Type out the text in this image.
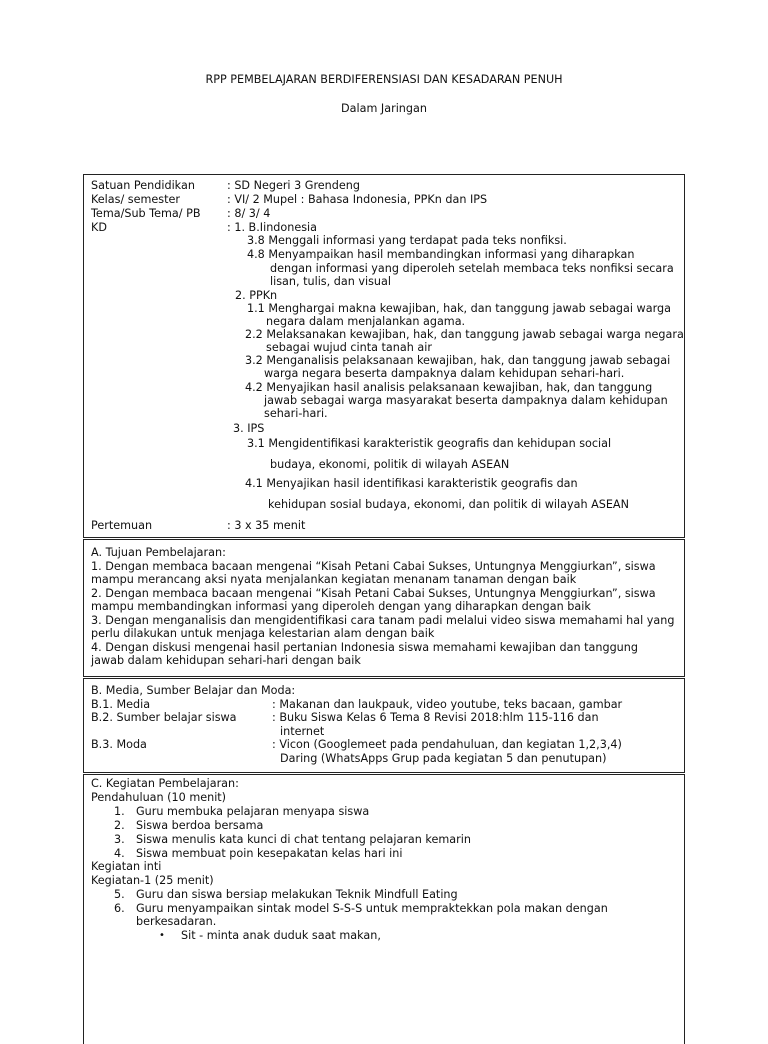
RPP PEMBELAJARAN BERDIFERENSIASI DAN KESADARAN PENUH
Dalam Jaringan
Satuan Pendidikan	: SD Negeri 3 Grendeng
Kelas/ semester	: VI/ 2 Mupel : Bahasa Indonesia, PPKn dan IPS
Tema/Sub Tema/ PB : 8/ 3/ 4
KD	: 1. B.Iindonesia
3.8 Menggali informasi yang terdapat pada teks nonfiksi.
4.8 Menyampaikan hasil membandingkan informasi yang diharapkan
dengan informasi yang diperoleh setelah membaca teks nonfiksi secara
lisan, tulis, dan visual
2. PPKn
1.1 Menghargai makna kewajiban, hak, dan tanggung jawab sebagai warga
negara dalam menjalankan agama.
2.2 Melaksanakan kewajiban, hak, dan tanggung jawab sebagai warga negara
sebagai wujud cinta tanah air
3.2 Menganalisis pelaksanaan kewajiban, hak, dan tanggung jawab sebagai
warga negara beserta dampaknya dalam kehidupan sehari-hari.
4.2 Menyajikan hasil analisis pelaksanaan kewajiban, hak, dan tanggung
jawab sebagai warga masyarakat beserta dampaknya dalam kehidupan
sehari-hari.
3. IPS
3.1 Mengidentifikasi karakteristik geografis dan kehidupan social
budaya, ekonomi, politik di wilayah ASEAN
4.1 Menyajikan hasil identifikasi karakteristik geografis dan
kehidupan sosial budaya, ekonomi, dan politik di wilayah ASEAN
Pertemuan	: 3 x 35 menit
A. Tujuan Pembelajaran:
1. Dengan membaca bacaan mengenai “Kisah Petani Cabai Sukses, Untungnya Menggiurkan”, siswa
mampu merancang aksi nyata menjalankan kegiatan menanam tanaman dengan baik
2. Dengan membaca bacaan mengenai “Kisah Petani Cabai Sukses, Untungnya Menggiurkan”, siswa
mampu membandingkan informasi yang diperoleh dengan yang diharapkan dengan baik
3. Dengan menganalisis dan mengidentifikasi cara tanam padi melalui video siswa memahami hal yang
perlu dilakukan untuk menjaga kelestarian alam dengan baik
4. Dengan diskusi mengenai hasil pertanian Indonesia siswa memahami kewajiban dan tanggung
jawab dalam kehidupan sehari-hari dengan baik
B. Media, Sumber Belajar dan Moda:
B.1. Media	: Makanan dan laukpauk, video youtube, teks bacaan, gambar
B.2. Sumber belajar siswa	: Buku Siswa Kelas 6 Tema 8 Revisi 2018:hlm 115-116 dan
internet
B.3. Moda	: Vicon (Googlemeet pada pendahuluan, dan kegiatan 1,2,3,4)
Daring (WhatsApps Grup pada kegiatan 5 dan penutupan)
C. Kegiatan Pembelajaran:
Pendahuluan (10 menit)
1. Guru membuka pelajaran menyapa siswa
2. Siswa berdoa bersama
3. Siswa menulis kata kunci di chat tentang pelajaran kemarin
4. Siswa membuat poin kesepakatan kelas hari ini
Kegiatan inti
Kegiatan-1 (25 menit)
5. Guru dan siswa bersiap melakukan Teknik Mindfull Eating
6. Guru menyampaikan sintak model S-S-S untuk mempraktekkan pola makan dengan
berkesadaran.
• Sit - minta anak duduk saat makan,
